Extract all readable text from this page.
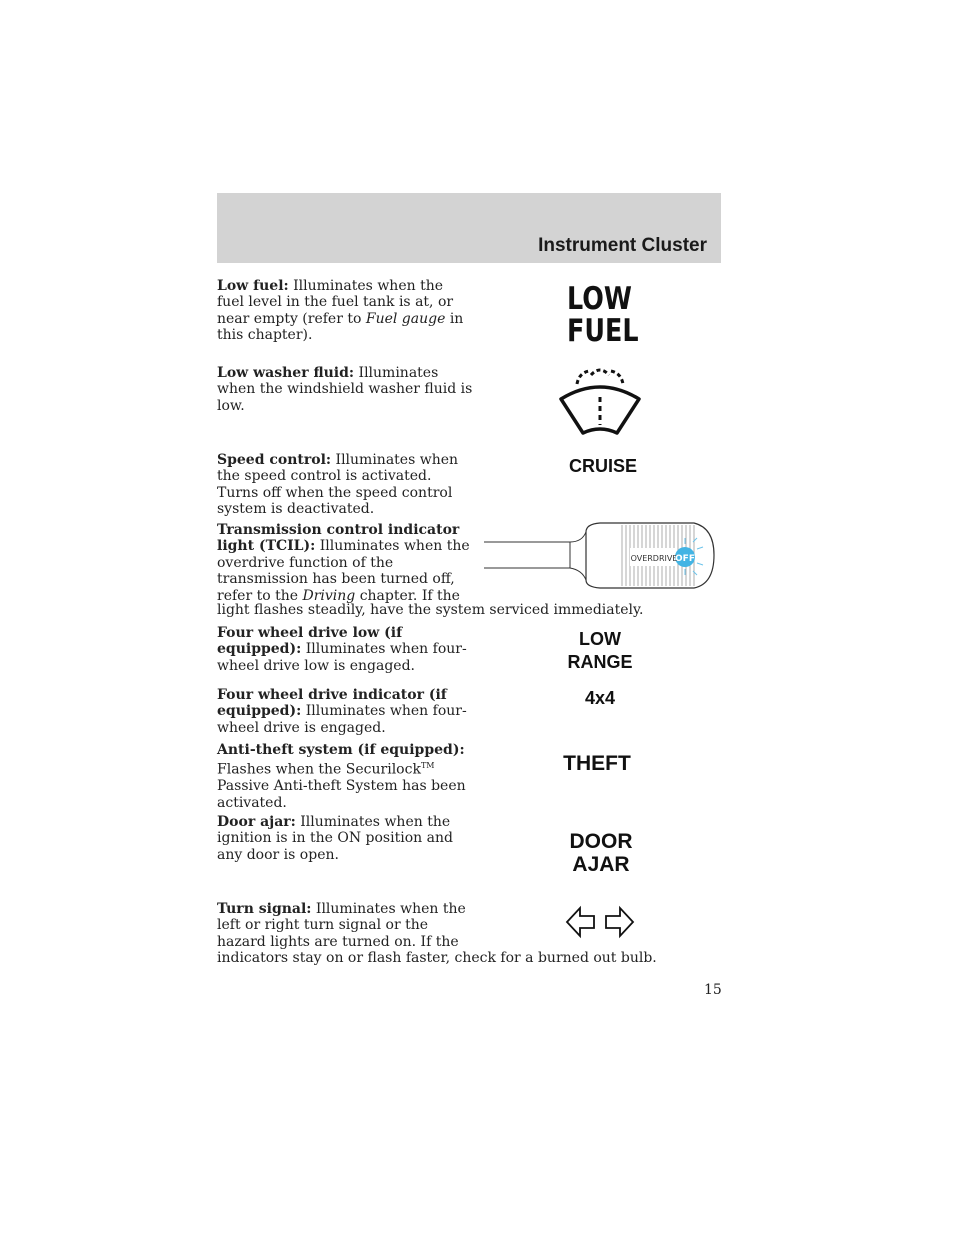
Instrument Cluster
Low fuel: Illuminates when the fuel level in the fuel tank is at, or near empty (refer to Fuel gauge in this chapter).
LOW
FUEL
Low washer fluid: Illuminates when the windshield washer fluid is low.
Speed control: Illuminates when the speed control is activated. Turns off when the speed control system is deactivated.
CRUISE
Transmission control indicator light (TCIL): Illuminates when the overdrive function of the transmission has been turned off, refer to the Driving chapter. If the
light flashes steadily, have the system serviced immediately.
OVERDRIVE
OFF
Four wheel drive low (if equipped): Illuminates when four-wheel drive low is engaged.
LOW
RANGE
Four wheel drive indicator (if equipped): Illuminates when four-wheel drive is engaged.
4x4
Anti-theft system (if equipped): Flashes when the Securilock™ Passive Anti-theft System has been activated.
THEFT
Door ajar: Illuminates when the ignition is in the ON position and any door is open.
DOOR
AJAR
Turn signal: Illuminates when the left or right turn signal or the hazard lights are turned on. If the
indicators stay on or flash faster, check for a burned out bulb.
15
